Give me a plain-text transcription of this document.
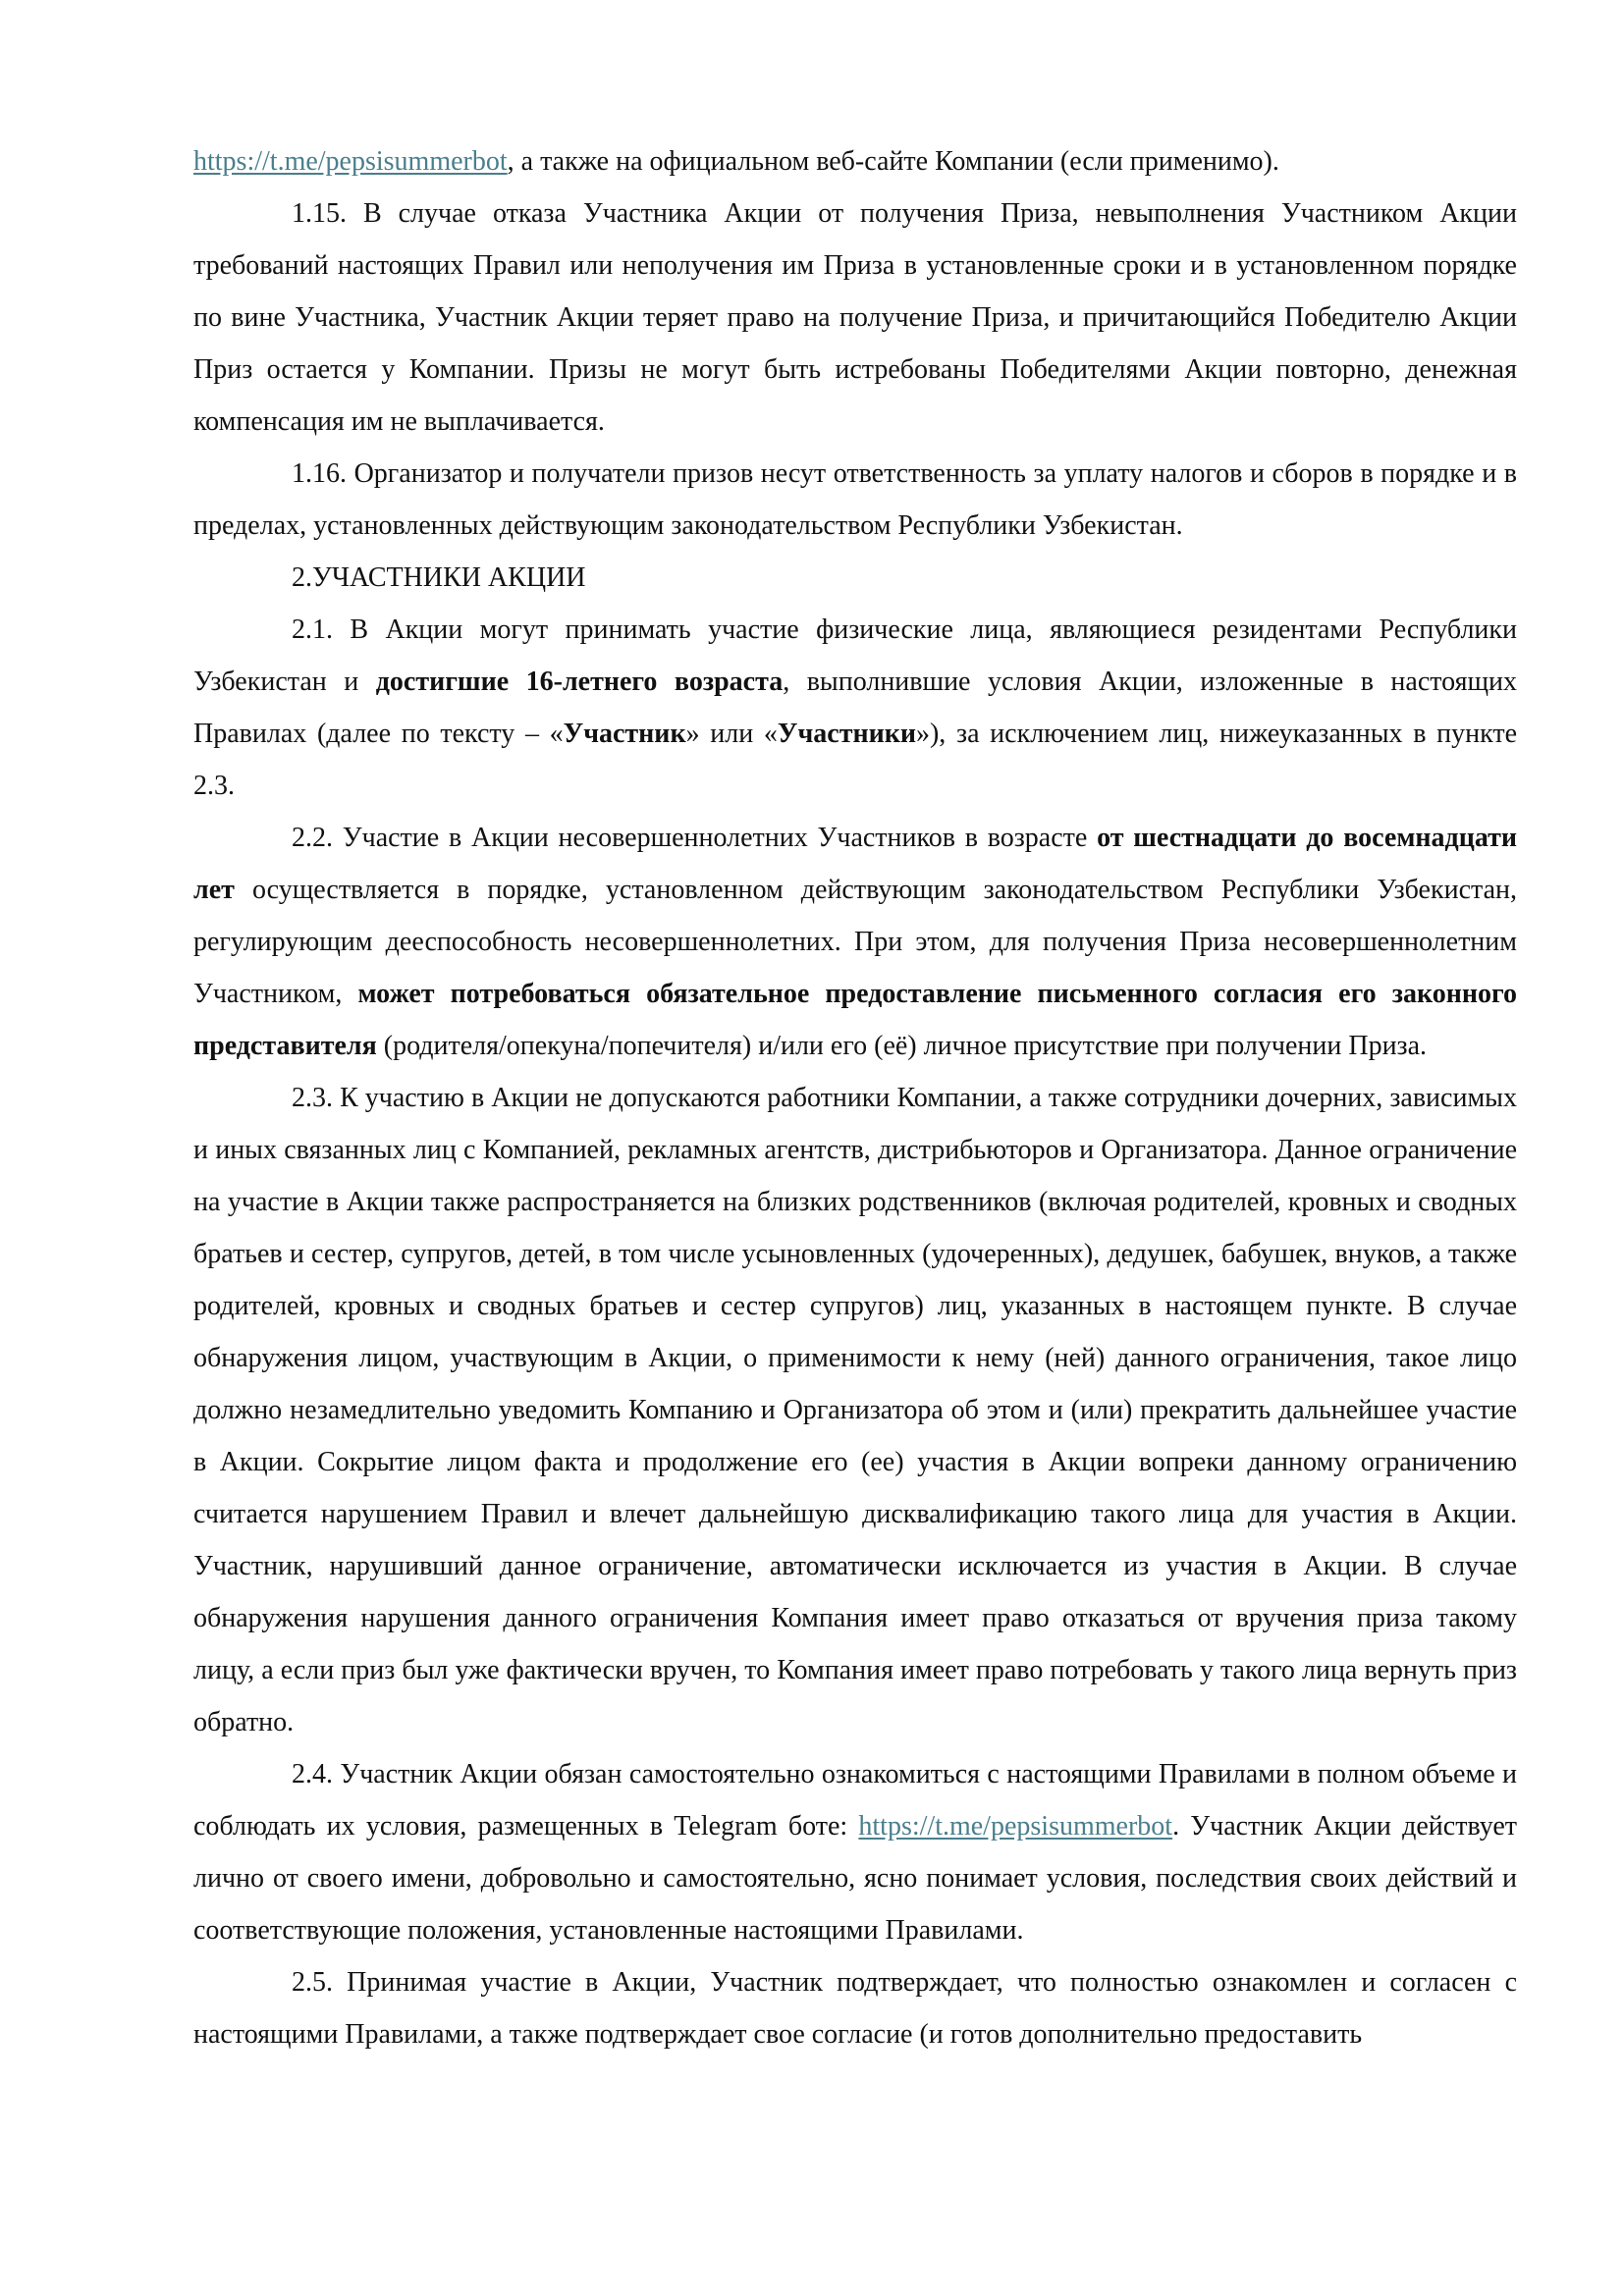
https://t.me/pepsisummerbot, а также на официальном веб-сайте Компании (если применимо).

1.15. В случае отказа Участника Акции от получения Приза, невыполнения Участником Акции требований настоящих Правил или неполучения им Приза в установленные сроки и в установленном порядке по вине Участника, Участник Акции теряет право на получение Приза, и причитающийся Победителю Акции Приз остается у Компании. Призы не могут быть истребованы Победителями Акции повторно, денежная компенсация им не выплачивается.

1.16. Организатор и получатели призов несут ответственность за уплату налогов и сборов в порядке и в пределах, установленных действующим законодательством Республики Узбекистан.

2.УЧАСТНИКИ АКЦИИ

2.1. В Акции могут принимать участие физические лица, являющиеся резидентами Республики Узбекистан и достигшие 16-летнего возраста, выполнившие условия Акции, изложенные в настоящих Правилах (далее по тексту – «Участник» или «Участники»), за исключением лиц, нижеуказанных в пункте 2.3.

2.2. Участие в Акции несовершеннолетних Участников в возрасте от шестнадцати до восемнадцати лет осуществляется в порядке, установленном действующим законодательством Республики Узбекистан, регулирующим дееспособность несовершеннолетних. При этом, для получения Приза несовершеннолетним Участником, может потребоваться обязательное предоставление письменного согласия его законного представителя (родителя/опекуна/попечителя) и/или его (её) личное присутствие при получении Приза.

2.3. К участию в Акции не допускаются работники Компании, а также сотрудники дочерних, зависимых и иных связанных лиц с Компанией, рекламных агентств, дистрибьюторов и Организатора. Данное ограничение на участие в Акции также распространяется на близких родственников (включая родителей, кровных и сводных братьев и сестер, супругов, детей, в том числе усыновленных (удочеренных), дедушек, бабушек, внуков, а также родителей, кровных и сводных братьев и сестер супругов) лиц, указанных в настоящем пункте. В случае обнаружения лицом, участвующим в Акции, о применимости к нему (ней) данного ограничения, такое лицо должно незамедлительно уведомить Компанию и Организатора об этом и (или) прекратить дальнейшее участие в Акции. Сокрытие лицом факта и продолжение его (ее) участия в Акции вопреки данному ограничению считается нарушением Правил и влечет дальнейшую дисквалификацию такого лица для участия в Акции. Участник, нарушивший данное ограничение, автоматически исключается из участия в Акции. В случае обнаружения нарушения данного ограничения Компания имеет право отказаться от вручения приза такому лицу, а если приз был уже фактически вручен, то Компания имеет право потребовать у такого лица вернуть приз обратно.

2.4. Участник Акции обязан самостоятельно ознакомиться с настоящими Правилами в полном объеме и соблюдать их условия, размещенных в Telegram боте: https://t.me/pepsisummerbot. Участник Акции действует лично от своего имени, добровольно и самостоятельно, ясно понимает условия, последствия своих действий и соответствующие положения, установленные настоящими Правилами.

2.5. Принимая участие в Акции, Участник подтверждает, что полностью ознакомлен и согласен с настоящими Правилами, а также подтверждает свое согласие (и готов дополнительно предоставить
